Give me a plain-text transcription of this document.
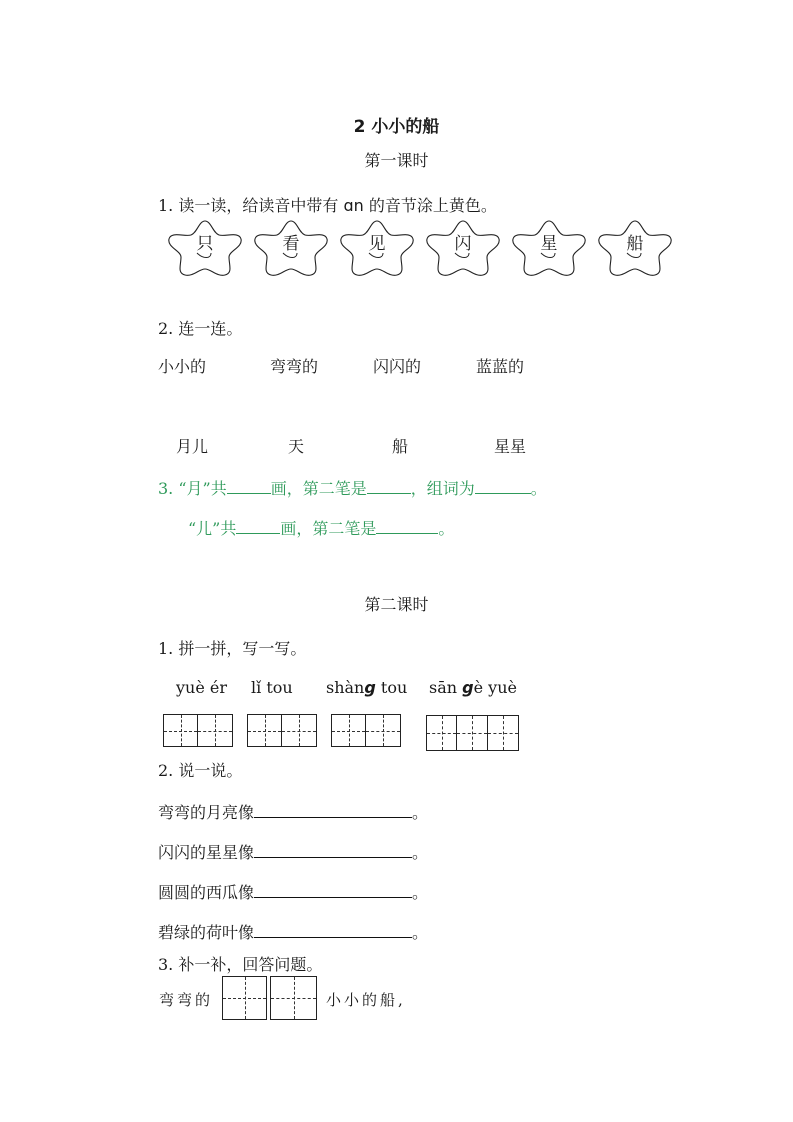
2 小小的船
第一课时
1. 读一读，给读音中带有 ɑn 的音节涂上黄色。
只	看	见	闪	星	船
2. 连一连。
小小的	弯弯的	闪闪的	蓝蓝的
月儿	天	船	星星
3. “月”共	画，第二笔是	，组词为	。
“儿”共	画，第二笔是	。
第二课时
1. 拼一拼，写一写。
yuè ér lǐ tou shàng tou sān gè yuè
2. 说一说。
弯弯的月亮像	。
闪闪的星星像	。
圆圆的西瓜像	。
碧绿的荷叶像	。
3. 补一补，回答问题。
弯弯的	小小的船,
